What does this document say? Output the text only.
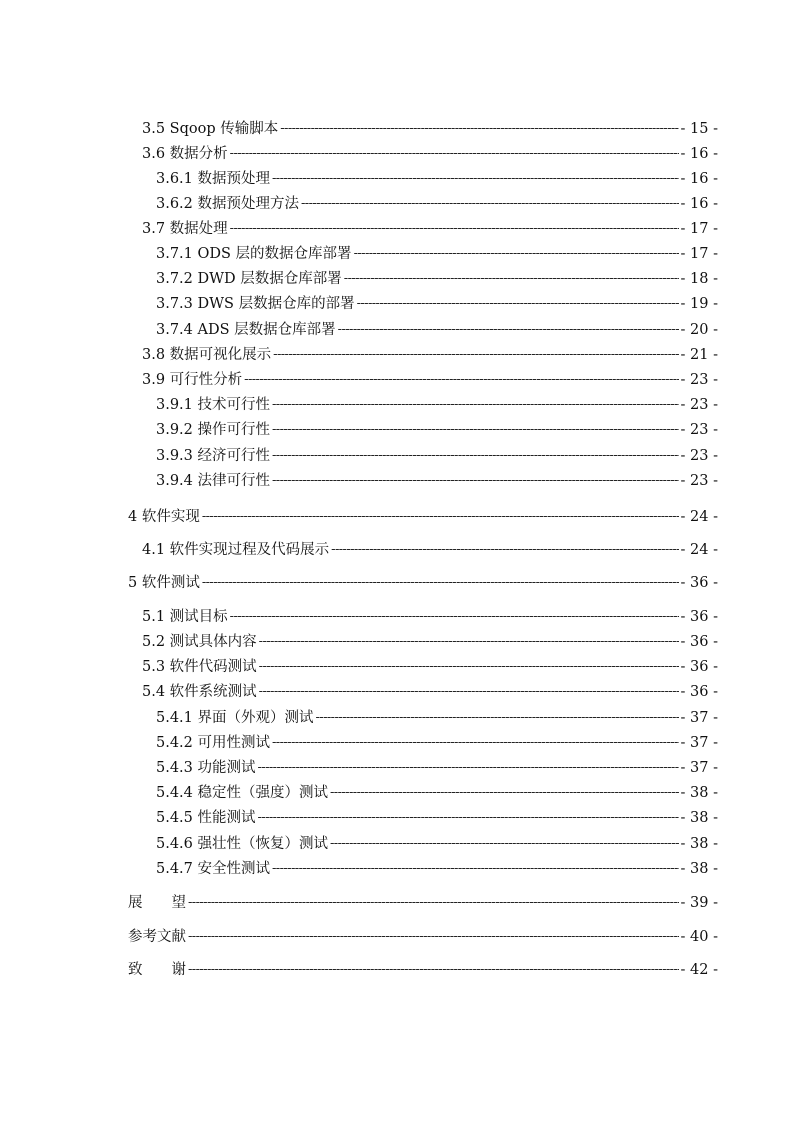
3.5 Sqoop 传输脚本 -----	- 15 -
3.6 数据分析 -----	- 16 -
3.6.1 数据预处理 -----	- 16 -
3.6.2 数据预处理方法 -----	- 16 -
3.7 数据处理 -----	- 17 -
3.7.1 ODS 层的数据仓库部署 -----	- 17 -
3.7.2 DWD 层数据仓库部署 -----	- 18 -
3.7.3 DWS 层数据仓库的部署 -----	- 19 -
3.7.4 ADS 层数据仓库部署 -----	- 20 -
3.8 数据可视化展示 -----	- 21 -
3.9 可行性分析 -----	- 23 -
3.9.1 技术可行性 -----	- 23 -
3.9.2 操作可行性 -----	- 23 -
3.9.3 经济可行性 -----	- 23 -
3.9.4 法律可行性 -----	- 23 -
4 软件实现 -----	- 24 -
4.1 软件实现过程及代码展示 -----	- 24 -
5 软件测试 -----	- 36 -
5.1 测试目标 -----	- 36 -
5.2 测试具体内容 -----	- 36 -
5.3 软件代码测试 -----	- 36 -
5.4 软件系统测试 -----	- 36 -
5.4.1 界面（外观）测试 -----	- 37 -
5.4.2 可用性测试 -----	- 37 -
5.4.3 功能测试 -----	- 37 -
5.4.4 稳定性（强度）测试 -----	- 38 -
5.4.5 性能测试 -----	- 38 -
5.4.6 强壮性（恢复）测试 -----	- 38 -
5.4.7 安全性测试 -----	- 38 -
展　　望 -----	- 39 -
参考文献 -----	- 40 -
致　　谢 -----	- 42 -
